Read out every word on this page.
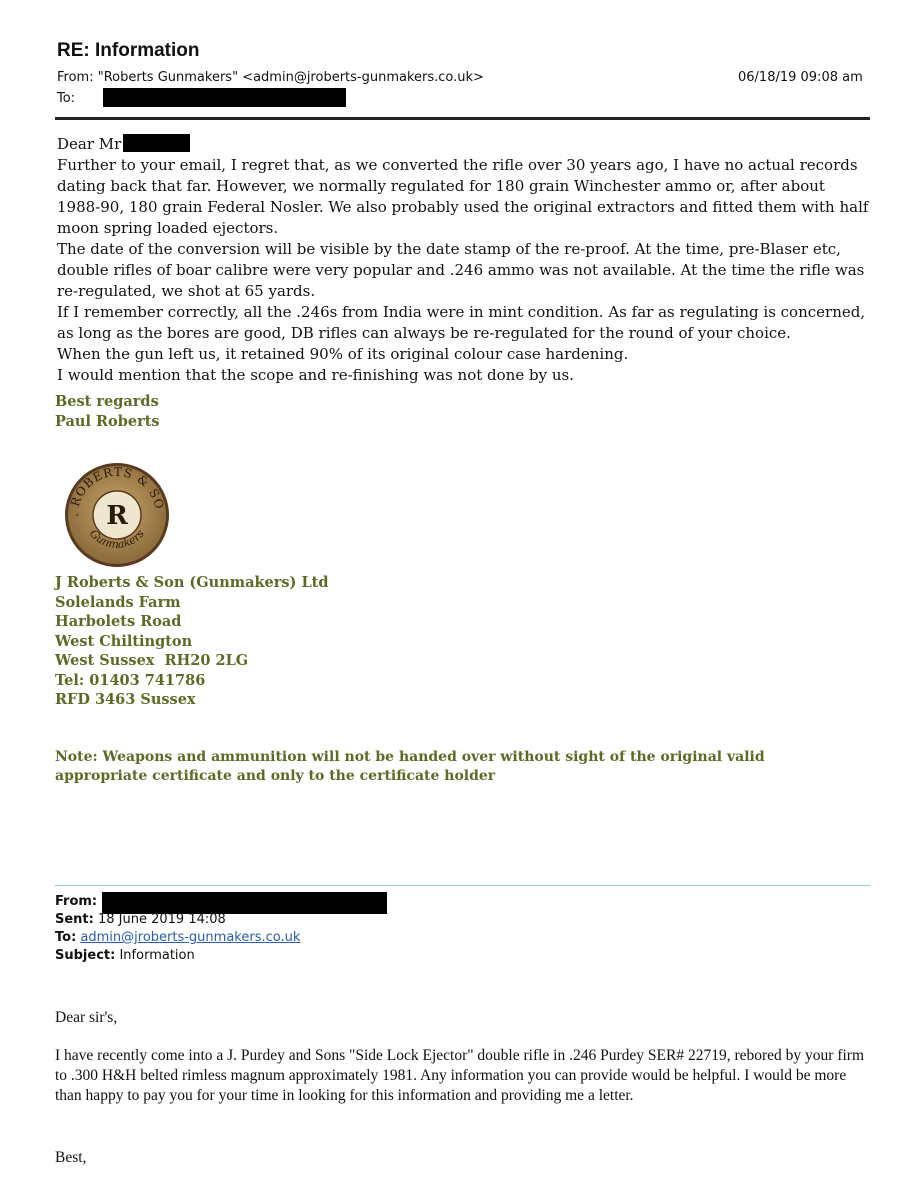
RE: Information
From: "Roberts Gunmakers" <admin@jroberts-gunmakers.co.uk>	06/18/19 09:08 am
To:
Dear Mr
Further to your email, I regret that, as we converted the rifle over 30 years ago, I have no actual records dating back that far. However, we normally regulated for 180 grain Winchester ammo or, after about 1988-90, 180 grain Federal Nosler. We also probably used the original extractors and fitted them with half moon spring loaded ejectors.
The date of the conversion will be visible by the date stamp of the re-proof. At the time, pre-Blaser etc, double rifles of boar calibre were very popular and .246 ammo was not available. At the time the rifle was re-regulated, we shot at 65 yards.
If I remember correctly, all the .246s from India were in mint condition. As far as regulating is concerned, as long as the bores are good, DB rifles can always be re-regulated for the round of your choice.
When the gun left us, it retained 90% of its original colour case hardening.
I would mention that the scope and re-finishing was not done by us.
Best regards
Paul Roberts
. ROBERTS & SO
R
Gunmakers
J Roberts & Son (Gunmakers) Ltd
Solelands Farm
Harbolets Road
West Chiltington
West Sussex  RH20 2LG
Tel: 01403 741786
RFD 3463 Sussex
Note: Weapons and ammunition will not be handed over without sight of the original valid appropriate certificate and only to the certificate holder
From:
Sent: 18 June 2019 14:08
To: admin@jroberts-gunmakers.co.uk
Subject: Information
Dear sir's,
I have recently come into a J. Purdey and Sons "Side Lock Ejector" double rifle in .246 Purdey SER# 22719, rebored by your firm to .300 H&H belted rimless magnum approximately 1981. Any information you can provide would be helpful. I would be more than happy to pay you for your time in looking for this information and providing me a letter.
Best,
